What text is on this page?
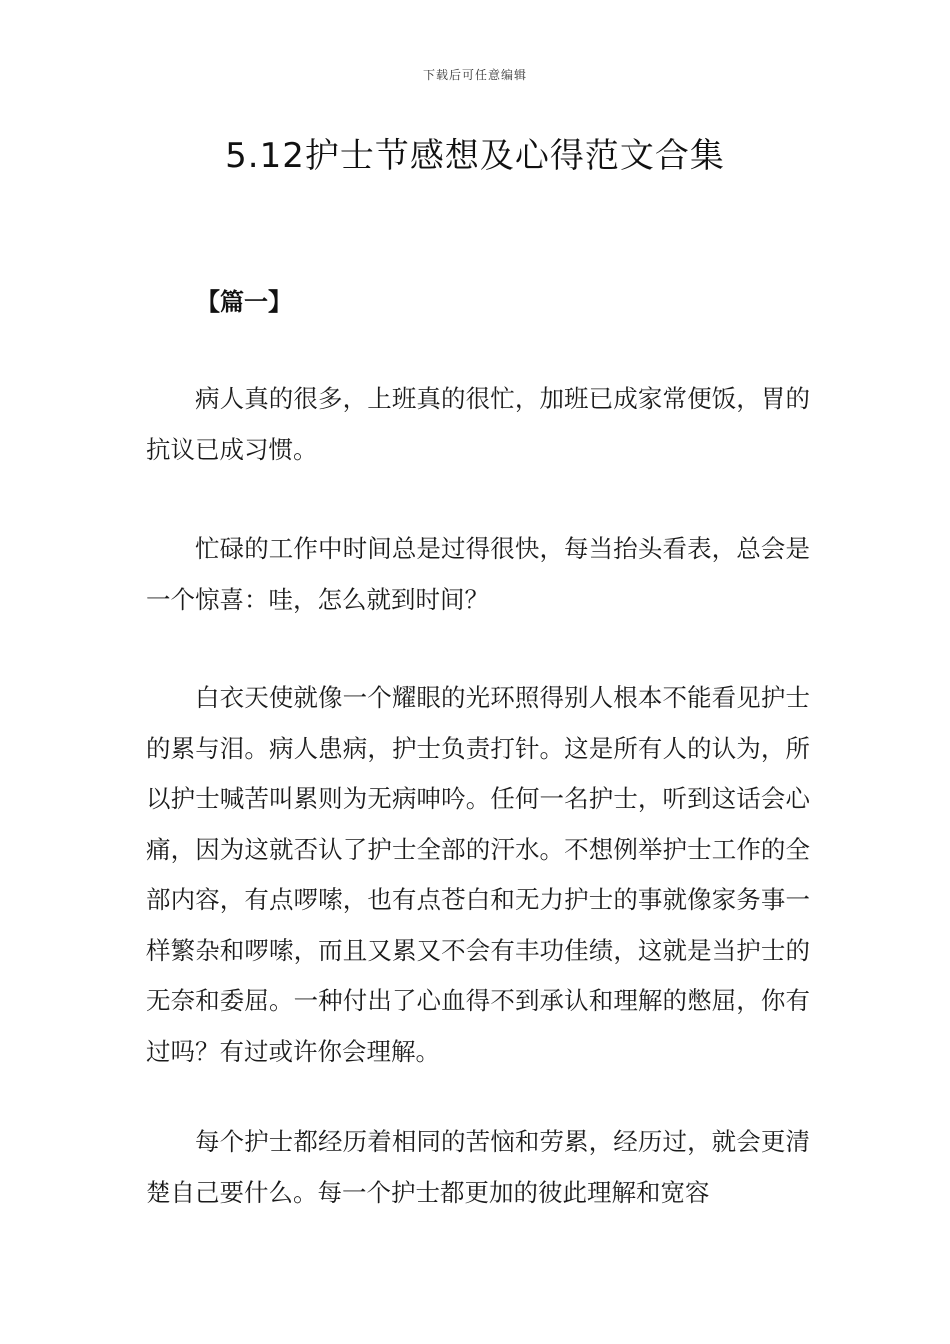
下载后可任意编辑
5.12护士节感想及心得范文合集

【篇一】

病人真的很多，上班真的很忙，加班已成家常便饭，胃的抗议已成习惯。

忙碌的工作中时间总是过得很快，每当抬头看表，总会是一个惊喜：哇，怎么就到时间？

白衣天使就像一个耀眼的光环照得别人根本不能看见护士的累与泪。病人患病，护士负责打针。这是所有人的认为，所以护士喊苦叫累则为无病呻吟。任何一名护士，听到这话会心痛，因为这就否认了护士全部的汗水。不想例举护士工作的全部内容，有点啰嗦，也有点苍白和无力护士的事就像家务事一样繁杂和啰嗦，而且又累又不会有丰功佳绩，这就是当护士的无奈和委屈。一种付出了心血得不到承认和理解的憋屈，你有过吗？有过或许你会理解。

每个护士都经历着相同的苦恼和劳累，经历过，就会更清楚自己要什么。每一个护士都更加的彼此理解和宽容
